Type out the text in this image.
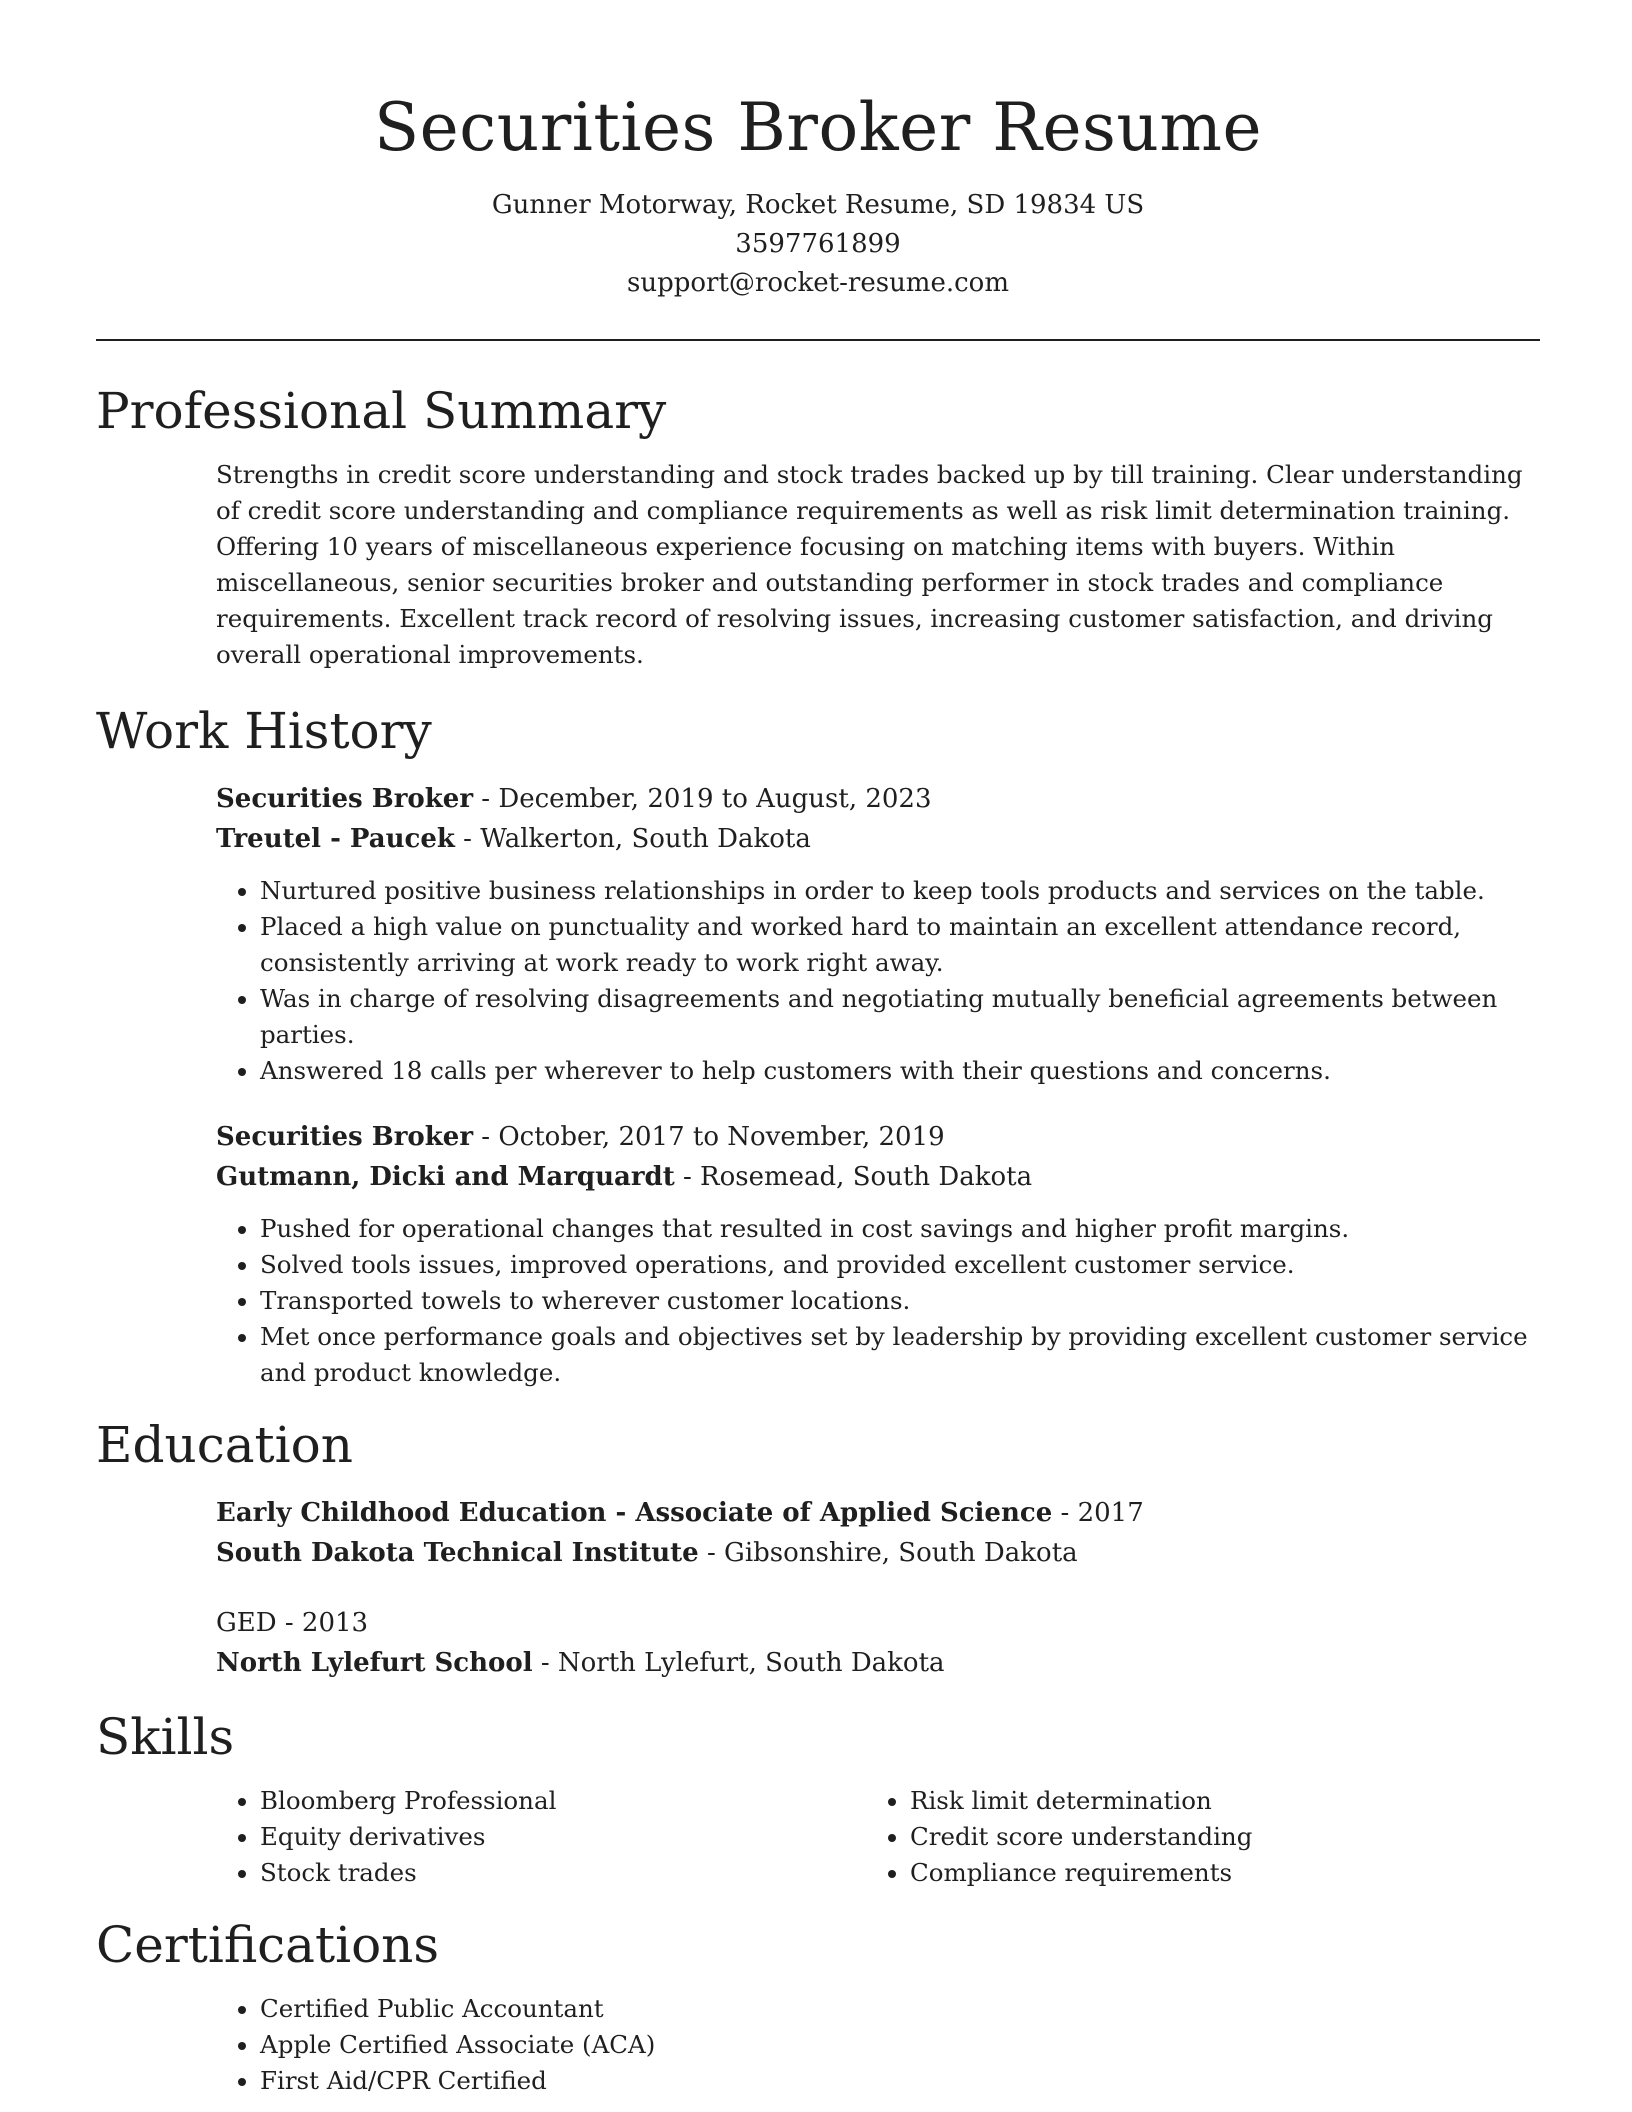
Securities Broker Resume

Gunner Motorway, Rocket Resume, SD 19834 US

3597761899

support@rocket-resume.com

Professional Summary

Strengths in credit score understanding and stock trades backed up by till training. Clear understanding of credit score understanding and compliance requirements as well as risk limit determination training. Offering 10 years of miscellaneous experience focusing on matching items with buyers. Within miscellaneous, senior securities broker and outstanding performer in stock trades and compliance requirements. Excellent track record of resolving issues, increasing customer satisfaction, and driving overall operational improvements.

Work History

Securities Broker - December, 2019 to August, 2023

Treutel - Paucek - Walkerton, South Dakota

• Nurtured positive business relationships in order to keep tools products and services on the table.
• Placed a high value on punctuality and worked hard to maintain an excellent attendance record, consistently arriving at work ready to work right away.
• Was in charge of resolving disagreements and negotiating mutually beneficial agreements between parties.
• Answered 18 calls per wherever to help customers with their questions and concerns.

Securities Broker - October, 2017 to November, 2019

Gutmann, Dicki and Marquardt - Rosemead, South Dakota

• Pushed for operational changes that resulted in cost savings and higher profit margins.
• Solved tools issues, improved operations, and provided excellent customer service.
• Transported towels to wherever customer locations.
• Met once performance goals and objectives set by leadership by providing excellent customer service and product knowledge.
Education

Early Childhood Education - Associate of Applied Science - 2017

South Dakota Technical Institute - Gibsonshire, South Dakota

GED - 2013

North Lylefurt School - North Lylefurt, South Dakota

Skills
• Bloomberg Professional
• Equity derivatives
• Stock trades
• Risk limit determination
• Credit score understanding
• Compliance requirements
Certifications
• Certified Public Accountant
• Apple Certified Associate (ACA)
• First Aid/CPR Certified
